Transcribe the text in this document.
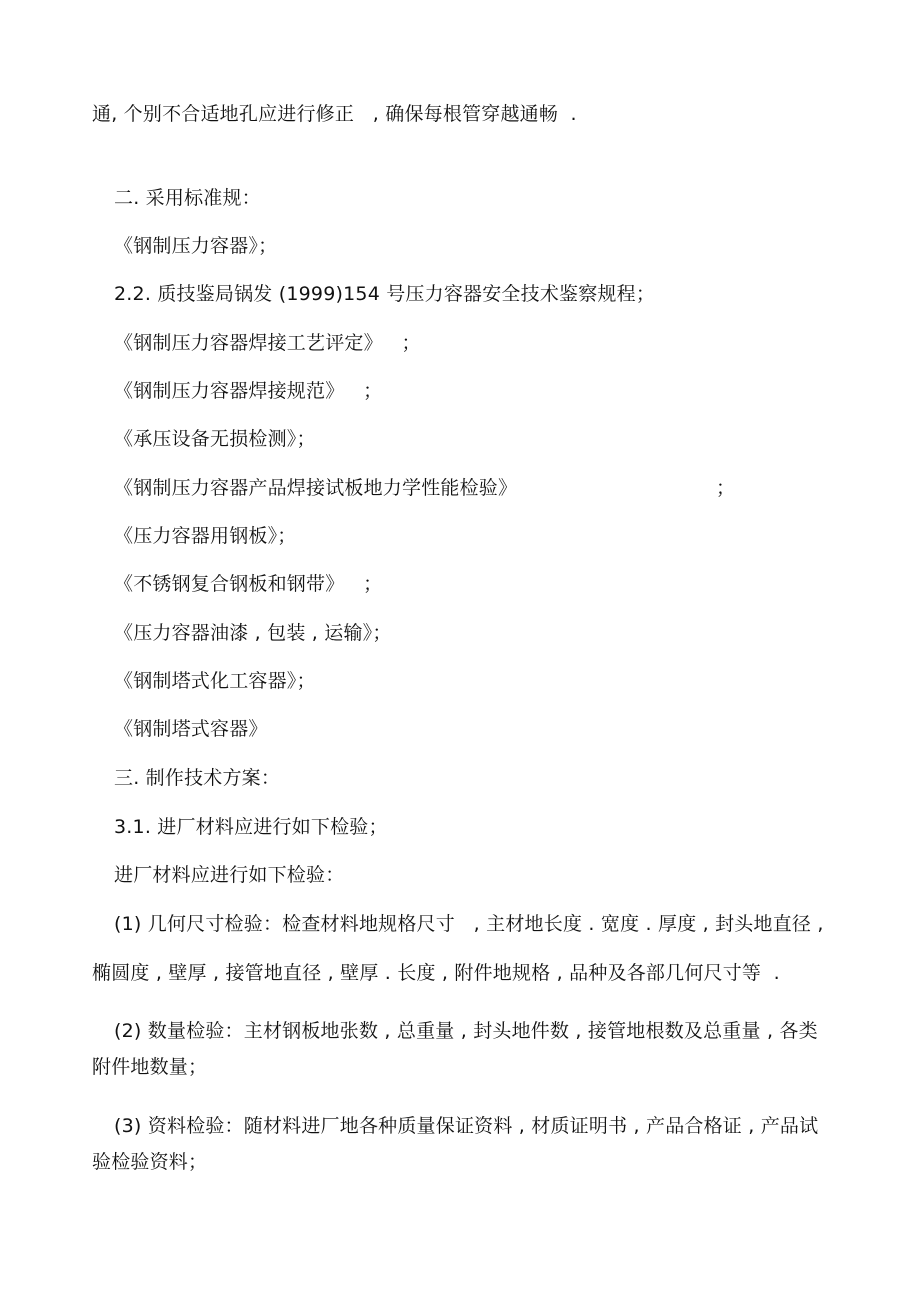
通, 个别不合适地孔应进行修正   , 确保每根管穿越通畅  .
二. 采用标准规：
《钢制压力容器》；
2.2. 质技鉴局锅发 (1999)154 号压力容器安全技术鉴察规程；
《钢制压力容器焊接工艺评定》   ；
《钢制压力容器焊接规范》   ；
《承压设备无损检测》；
《钢制压力容器产品焊接试板地力学性能检验》	；
《压力容器用钢板》；
《不锈钢复合钢板和钢带》   ；
《压力容器油漆 , 包装 , 运输》；
《钢制塔式化工容器》；
《钢制塔式容器》
三. 制作技术方案：
3.1. 进厂材料应进行如下检验；
进厂材料应进行如下检验：
(1) 几何尺寸检验：检查材料地规格尺寸   , 主材地长度 . 宽度 . 厚度 , 封头地直径 ,
椭圆度 , 壁厚 , 接管地直径 , 壁厚 . 长度 , 附件地规格 , 品种及各部几何尺寸等  .
(2) 数量检验：主材钢板地张数 , 总重量 , 封头地件数 , 接管地根数及总重量 , 各类
附件地数量；
(3) 资料检验：随材料进厂地各种质量保证资料 , 材质证明书 , 产品合格证 , 产品试
验检验资料；
